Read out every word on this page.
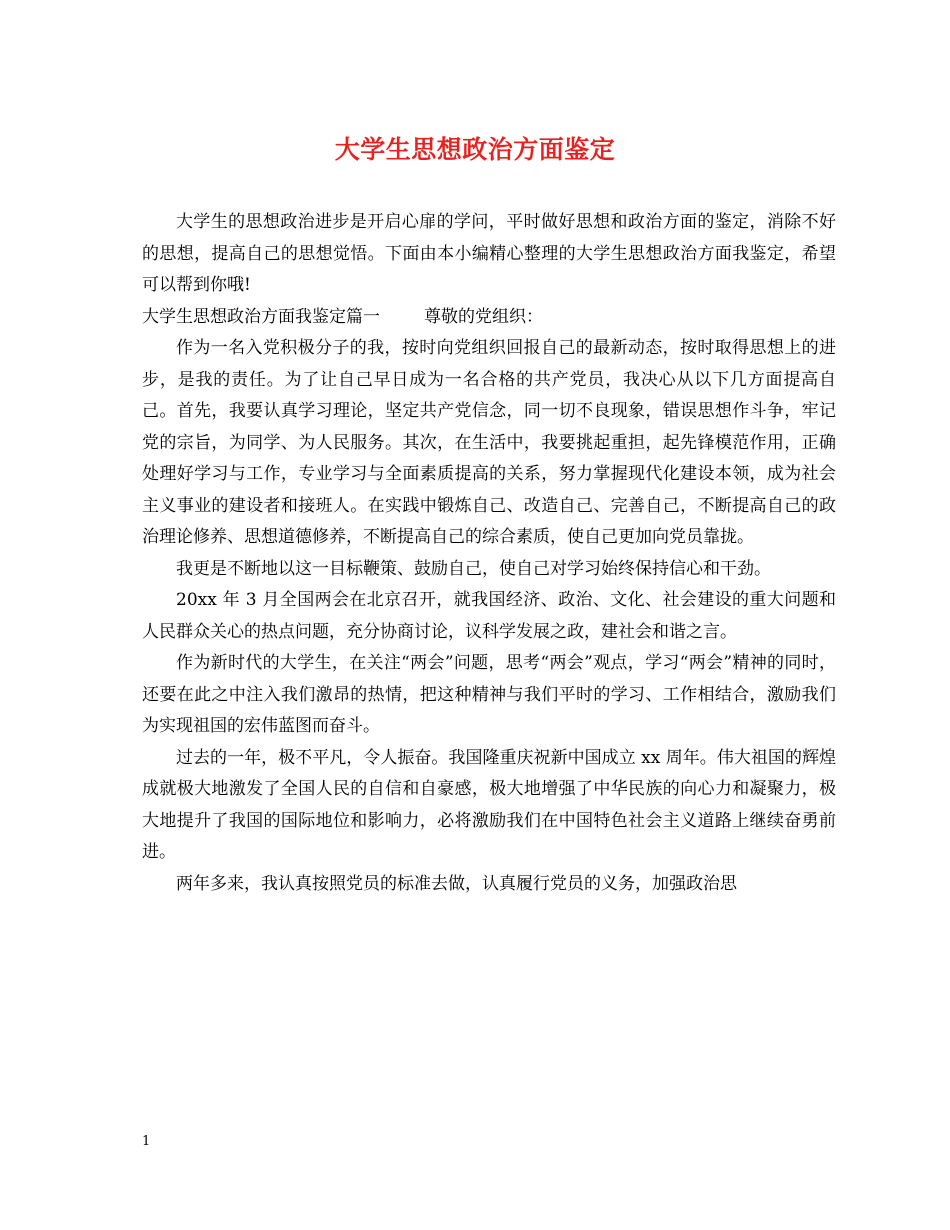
大学生思想政治方面鉴定

大学生的思想政治进步是开启心扉的学问，平时做好思想和政治方面的鉴定，消除不好的思想，提高自己的思想觉悟。下面由本小编精心整理的大学生思想政治方面我鉴定，希望可以帮到你哦!

大学生思想政治方面我鉴定篇一	尊敬的党组织：

作为一名入党积极分子的我，按时向党组织回报自己的最新动态，按时取得思想上的进步，是我的责任。为了让自己早日成为一名合格的共产党员，我决心从以下几方面提高自己。首先，我要认真学习理论，坚定共产党信念，同一切不良现象，错误思想作斗争，牢记党的宗旨，为同学、为人民服务。其次，在生活中，我要挑起重担，起先锋模范作用，正确处理好学习与工作，专业学习与全面素质提高的关系，努力掌握现代化建设本领，成为社会主义事业的建设者和接班人。在实践中锻炼自己、改造自己、完善自己，不断提高自己的政治理论修养、思想道德修养，不断提高自己的综合素质，使自己更加向党员靠拢。

我更是不断地以这一目标鞭策、鼓励自己，使自己对学习始终保持信心和干劲。

20xx 年 3 月全国两会在北京召开，就我国经济、政治、文化、社会建设的重大问题和人民群众关心的热点问题，充分协商讨论，议科学发展之政，建社会和谐之言。

作为新时代的大学生，在关注“两会”问题，思考“两会”观点，学习“两会”精神的同时，还要在此之中注入我们激昂的热情，把这种精神与我们平时的学习、工作相结合，激励我们为实现祖国的宏伟蓝图而奋斗。

过去的一年，极不平凡，令人振奋。我国隆重庆祝新中国成立 xx 周年。伟大祖国的辉煌成就极大地激发了全国人民的自信和自豪感，极大地增强了中华民族的向心力和凝聚力，极大地提升了我国的国际地位和影响力，必将激励我们在中国特色社会主义道路上继续奋勇前进。

两年多来，我认真按照党员的标准去做，认真履行党员的义务，加强政治思

1
